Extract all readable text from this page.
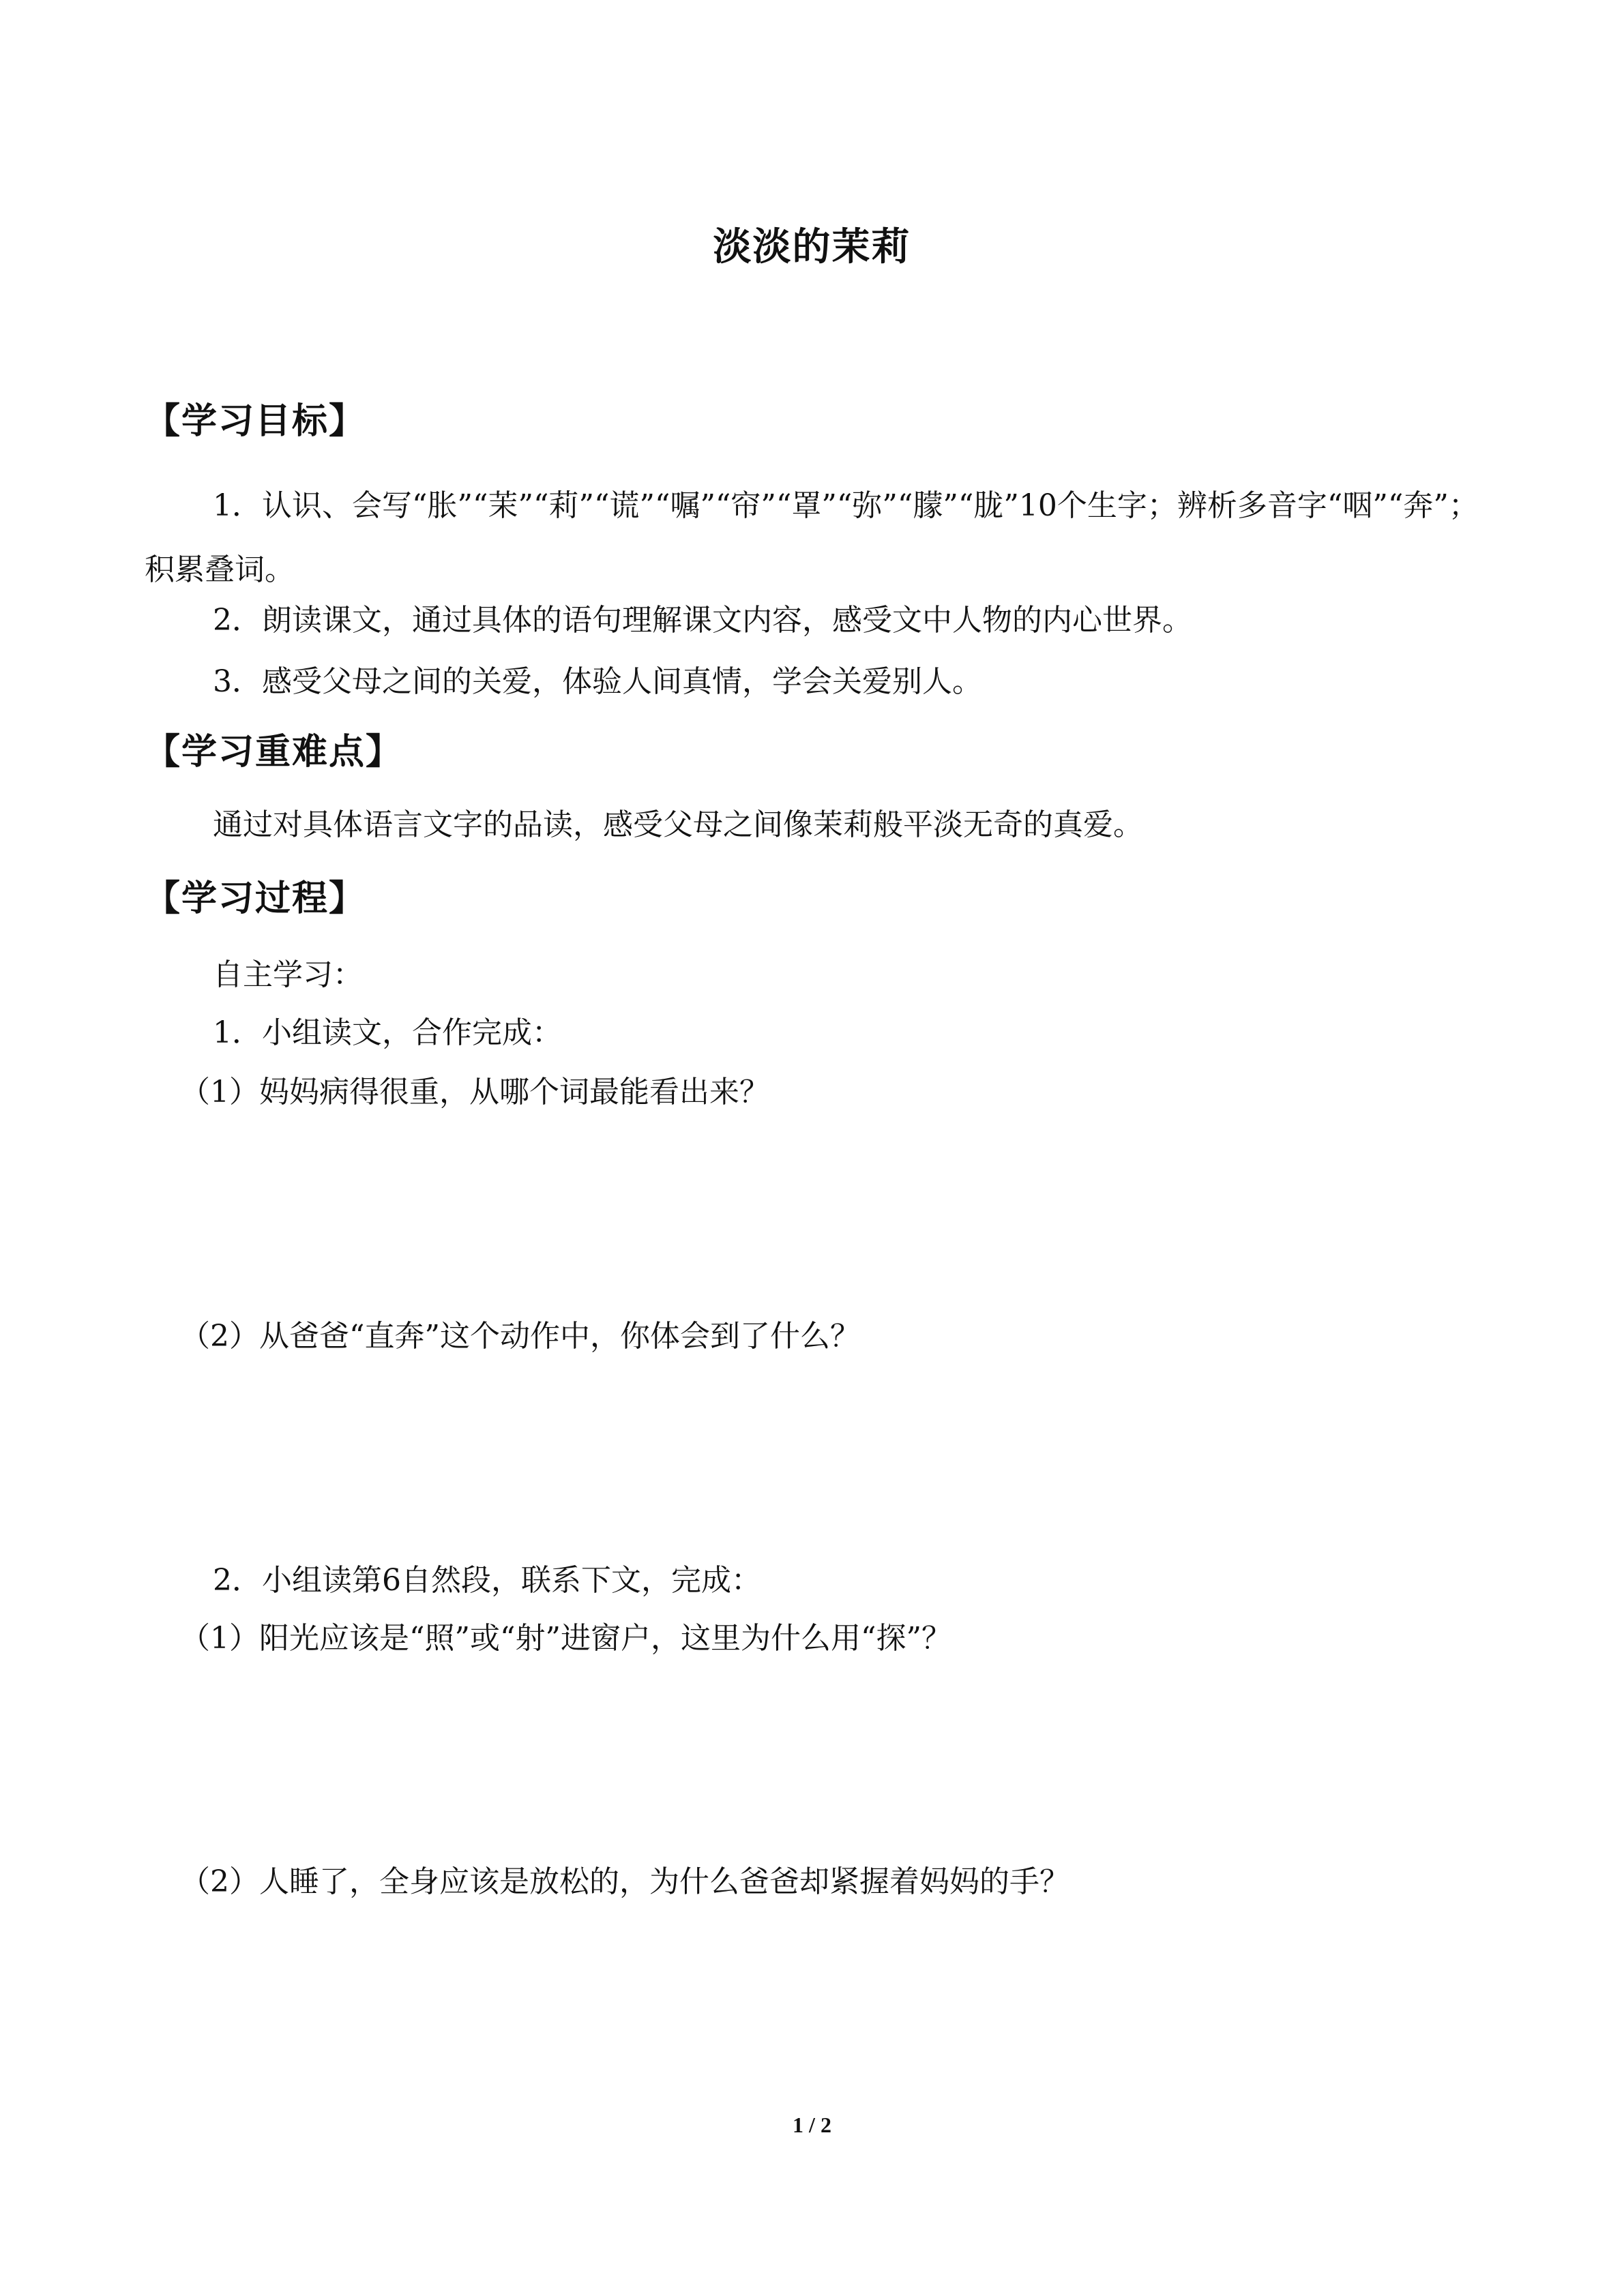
淡淡的茉莉
【学习目标】
1．认识、会写“胀”“茉”“莉”“谎”“嘱”“帘”“罩”“弥”“朦”“胧”10个生字；辨析多音字“咽”“奔”；积累叠词。
2．朗读课文，通过具体的语句理解课文内容，感受文中人物的内心世界。
3．感受父母之间的关爱，体验人间真情，学会关爱别人。
【学习重难点】
通过对具体语言文字的品读，感受父母之间像茉莉般平淡无奇的真爱。
【学习过程】
自主学习：
1．小组读文，合作完成：
（1）妈妈病得很重，从哪个词最能看出来？
（2）从爸爸“直奔”这个动作中，你体会到了什么？
2．小组读第6自然段，联系下文，完成：
（1）阳光应该是“照”或“射”进窗户，这里为什么用“探”？
（2）人睡了，全身应该是放松的，为什么爸爸却紧握着妈妈的手？
1 / 2
